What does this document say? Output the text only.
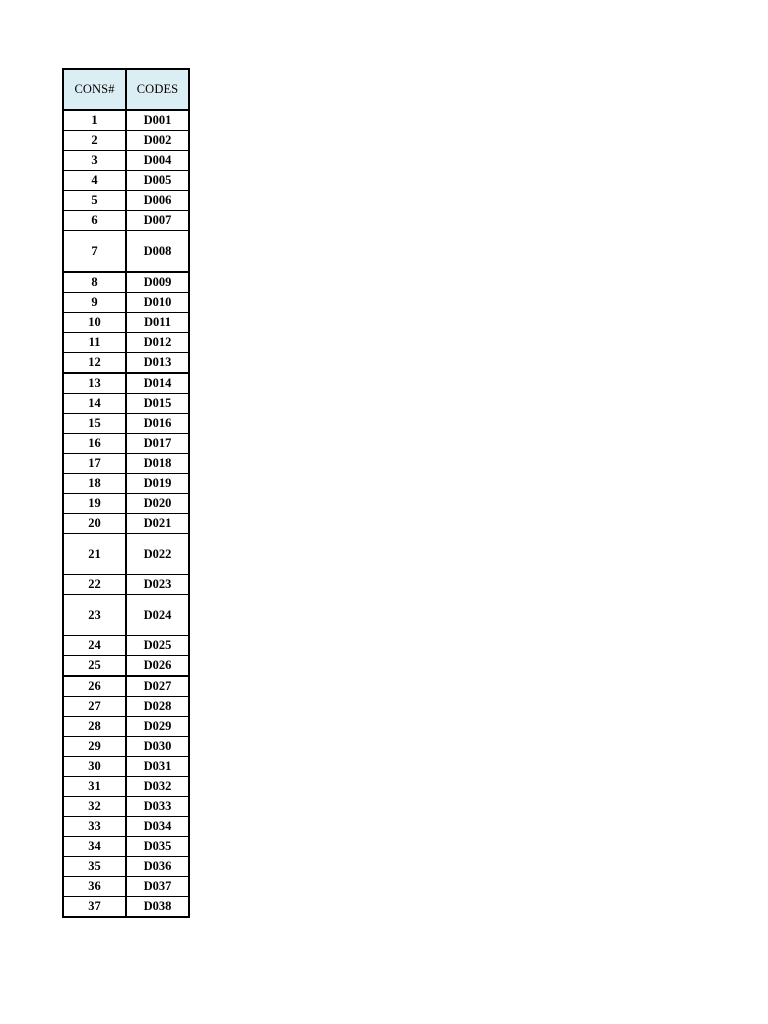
CONS#	CODES
1	D001
2	D002
3	D004
4	D005
5	D006
6	D007
7	D008
8	D009
9	D010
10	D011
11	D012
12	D013
13	D014
14	D015
15	D016
16	D017
17	D018
18	D019
19	D020
20	D021
21	D022
22	D023
23	D024
24	D025
25	D026
26	D027
27	D028
28	D029
29	D030
30	D031
31	D032
32	D033
33	D034
34	D035
35	D036
36	D037
37	D038
